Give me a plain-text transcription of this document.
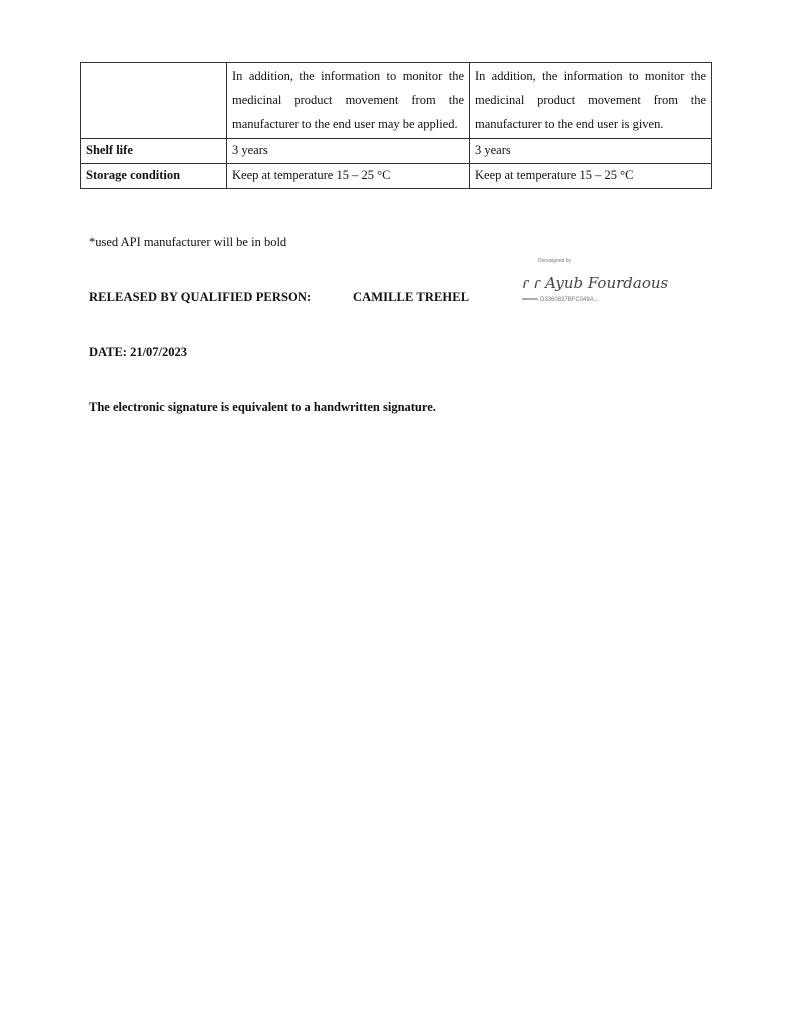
	In addition, the information to monitor the medicinal product movement from the manufacturer to the end user may be applied.	In addition, the information to monitor the medicinal product movement from the manufacturer to the end user is given.
Shelf life	3 years	3 years
Storage condition	Keep at temperature 15 – 25 °C	Keep at temperature 15 – 25 °C
*used API manufacturer will be in bold
RELEASED BY QUALIFIED PERSON:	CAMILLE TREHEL
Docusigned by
ɾ ɾ Ayub Fourdaous
D3360837BFC049A...
DATE: 21/07/2023
The electronic signature is equivalent to a handwritten signature.
